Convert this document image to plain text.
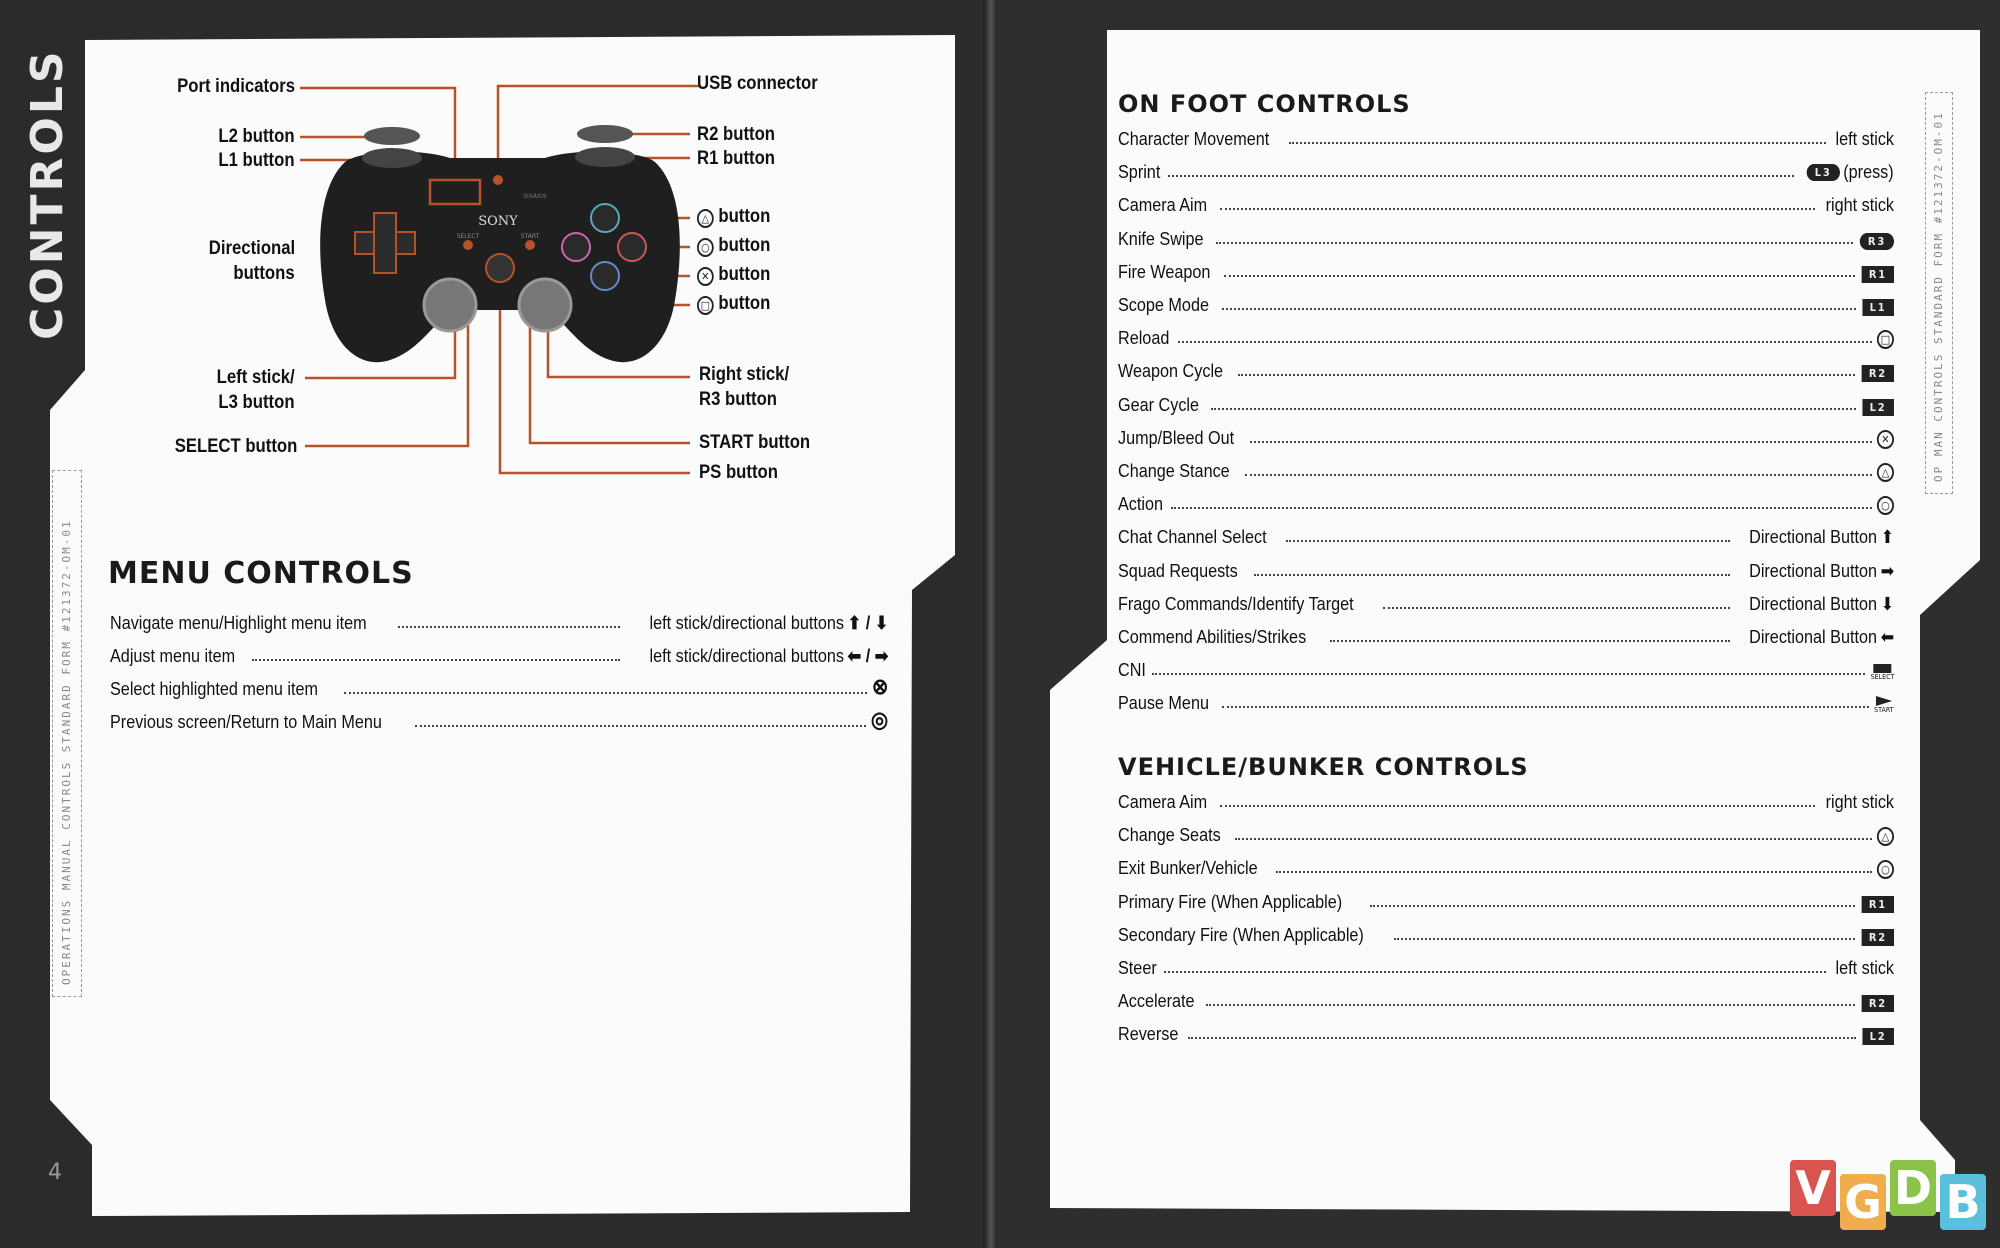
CONTROLS
OPERATIONS MANUAL CONTROLS STANDARD FORM #121372-OM-01
4
SONY
SIXAXIS
SELECT	START
Port indicators	USB connector
L2 button
L1 button
R2 button
R1 button
Directional
buttons
△ button
○ button
✕ button
□ button
Left stick/
L3 button
Right stick/
R3 button
SELECT button	START button
PS button
MENU CONTROLS
Navigate menu/Highlight menu item	left stick/directional buttons ⬆ / ⬇
Adjust menu item	left stick/directional buttons ⬅ / ➡
Select highlighted menu item	⊗
Previous screen/Return to Main Menu	◎
OP MAN CONTROLS STANDARD FORM #121372-OM-01
ON FOOT CONTROLS
Character Movement	left stick
Sprint	L3 (press)
Camera Aim	right stick
Knife Swipe	R3
Fire Weapon	R1
Scope Mode	L1
Reload	□
Weapon Cycle	R2
Gear Cycle	L2
Jump/Bleed Out	✕
Change Stance	△
Action	○
Chat Channel Select	Directional Button ⬆
Squad Requests	Directional Button ➡
Frago Commands/Identify Target	Directional Button ⬇
Commend Abilities/Strikes	Directional Button ⬅
CNI	SELECT
Pause Menu	START
VEHICLE/BUNKER CONTROLS
Camera Aim	right stick
Change Seats	△
Exit Bunker/Vehicle	○
Primary Fire (When Applicable)	R1
Secondary Fire (When Applicable)	R2
Steer	left stick
Accelerate	R2
Reverse	L2
V G D B
